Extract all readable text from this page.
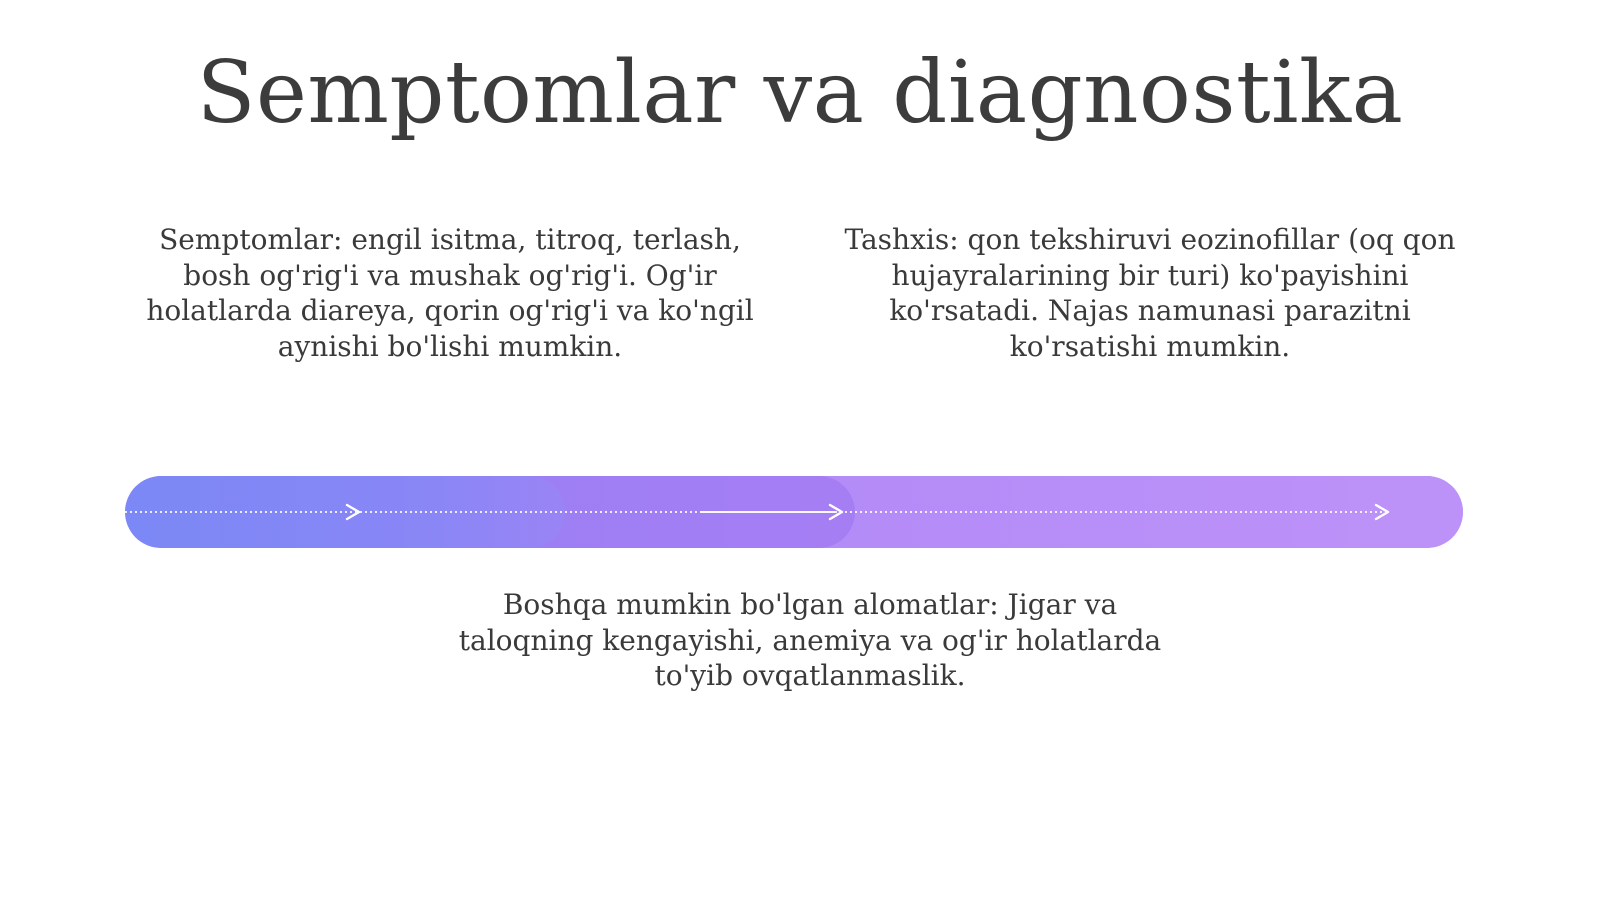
Semptomlar va diagnostika
Semptomlar: engil isitma, titroq, terlash, bosh og'rig'i va mushak og'rig'i. Og'ir holatlarda diareya, qorin og'rig'i va ko'ngil aynishi bo'lishi mumkin.
Tashxis: qon tekshiruvi eozinofillar (oq qon hujayralarining bir turi) ko'payishini ko'rsatadi. Najas namunasi parazitni ko'rsatishi mumkin.
Boshqa mumkin bo'lgan alomatlar: Jigar va taloqning kengayishi, anemiya va og'ir holatlarda to'yib ovqatlanmaslik.
